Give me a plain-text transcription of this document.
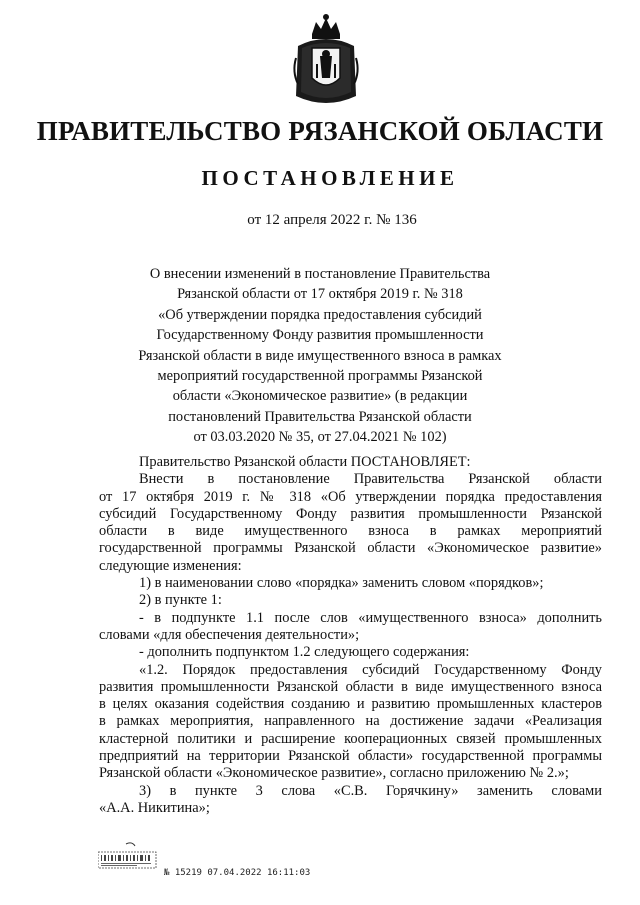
ПРАВИТЕЛЬСТВО РЯЗАНСКОЙ ОБЛАСТИ
ПОСТАНОВЛЕНИЕ
от 12 апреля 2022 г. № 136
О внесении изменений в постановление Правительства
Рязанской области от 17 октября 2019 г. № 318
«Об утверждении порядка предоставления субсидий
Государственному Фонду развития промышленности
Рязанской области в виде имущественного взноса в рамках
мероприятий государственной программы Рязанской
области «Экономическое развитие» (в редакции
постановлений Правительства Рязанской области
от 03.03.2020 № 35, от 27.04.2021 № 102)
Правительство Рязанской области ПОСТАНОВЛЯЕТ:
Внести в постановление Правительства Рязанской области
от 17 октября 2019 г. № 318 «Об утверждении порядка предоставления
субсидий Государственному Фонду развития промышленности Рязанской
области в виде имущественного взноса в рамках мероприятий
государственной программы Рязанской области «Экономическое развитие»
следующие изменения:
1) в наименовании слово «порядка» заменить словом «порядков»;
2) в пункте 1:
- в подпункте 1.1 после слов «имущественного взноса» дополнить
словами «для обеспечения деятельности»;
- дополнить подпунктом 1.2 следующего содержания:
«1.2. Порядок предоставления субсидий Государственному Фонду
развития промышленности Рязанской области в виде имущественного взноса
в целях оказания содействия созданию и развитию промышленных кластеров
в рамках мероприятия, направленного на достижение задачи «Реализация
кластерной политики и расширение кооперационных связей промышленных
предприятий на территории Рязанской области» государственной программы
Рязанской области «Экономическое развитие», согласно приложению № 2.»;
3) в пункте 3 слова «С.В. Горячкину» заменить словами
«А.А. Никитина»;
№ 15219 07.04.2022 16:11:03
